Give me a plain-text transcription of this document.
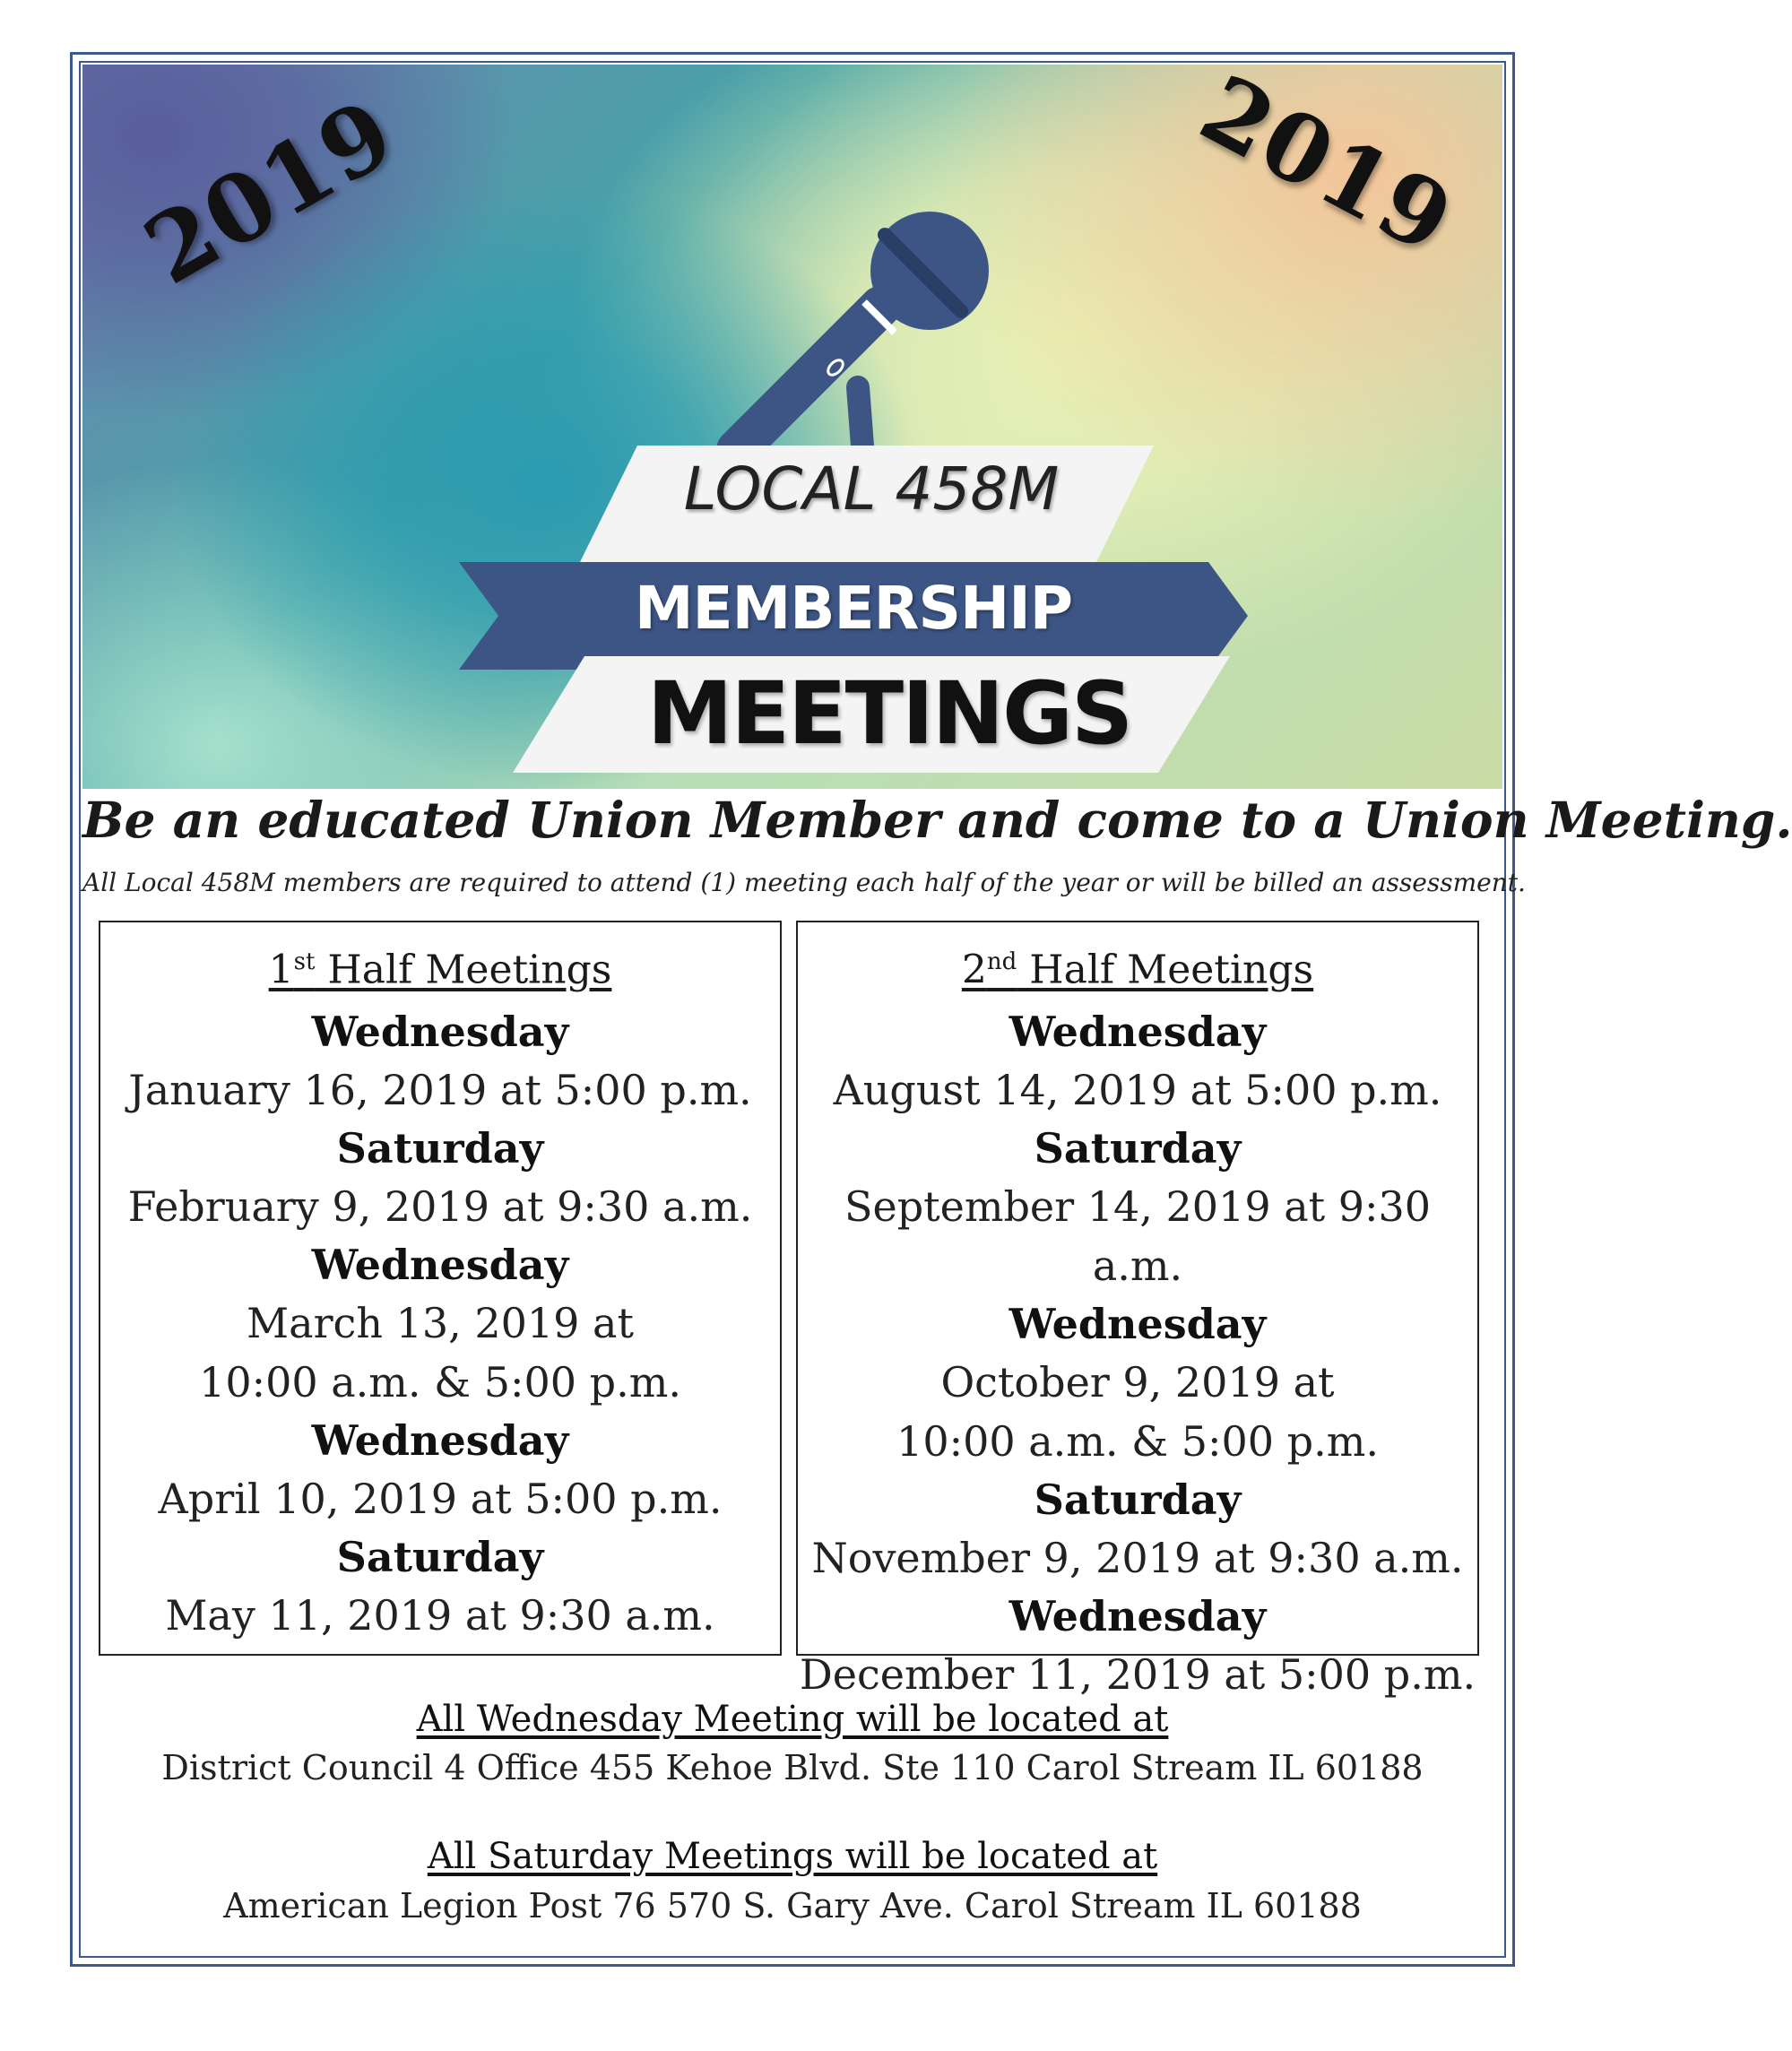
2019	2019
LOCAL 458M
MEMBERSHIP
MEETINGS
Be an educated Union Member and come to a Union Meeting.
All Local 458M members are required to attend (1) meeting each half of the year or will be billed an assessment.
1st Half Meetings
Wednesday
January 16, 2019 at 5:00 p.m.
Saturday
February 9, 2019 at 9:30 a.m.
Wednesday
March 13, 2019 at
10:00 a.m. & 5:00 p.m.
Wednesday
April 10, 2019 at 5:00 p.m.
Saturday
May 11, 2019 at 9:30 a.m.
2nd Half Meetings
Wednesday
August 14, 2019 at 5:00 p.m.
Saturday
September 14, 2019 at 9:30 a.m.
Wednesday
October 9, 2019 at
10:00 a.m. & 5:00 p.m.
Saturday
November 9, 2019 at 9:30 a.m.
Wednesday
December 11, 2019 at 5:00 p.m.
All Wednesday Meeting will be located at
District Council 4 Office 455 Kehoe Blvd. Ste 110 Carol Stream IL 60188
All Saturday Meetings will be located at
American Legion Post 76 570 S. Gary Ave. Carol Stream IL 60188
